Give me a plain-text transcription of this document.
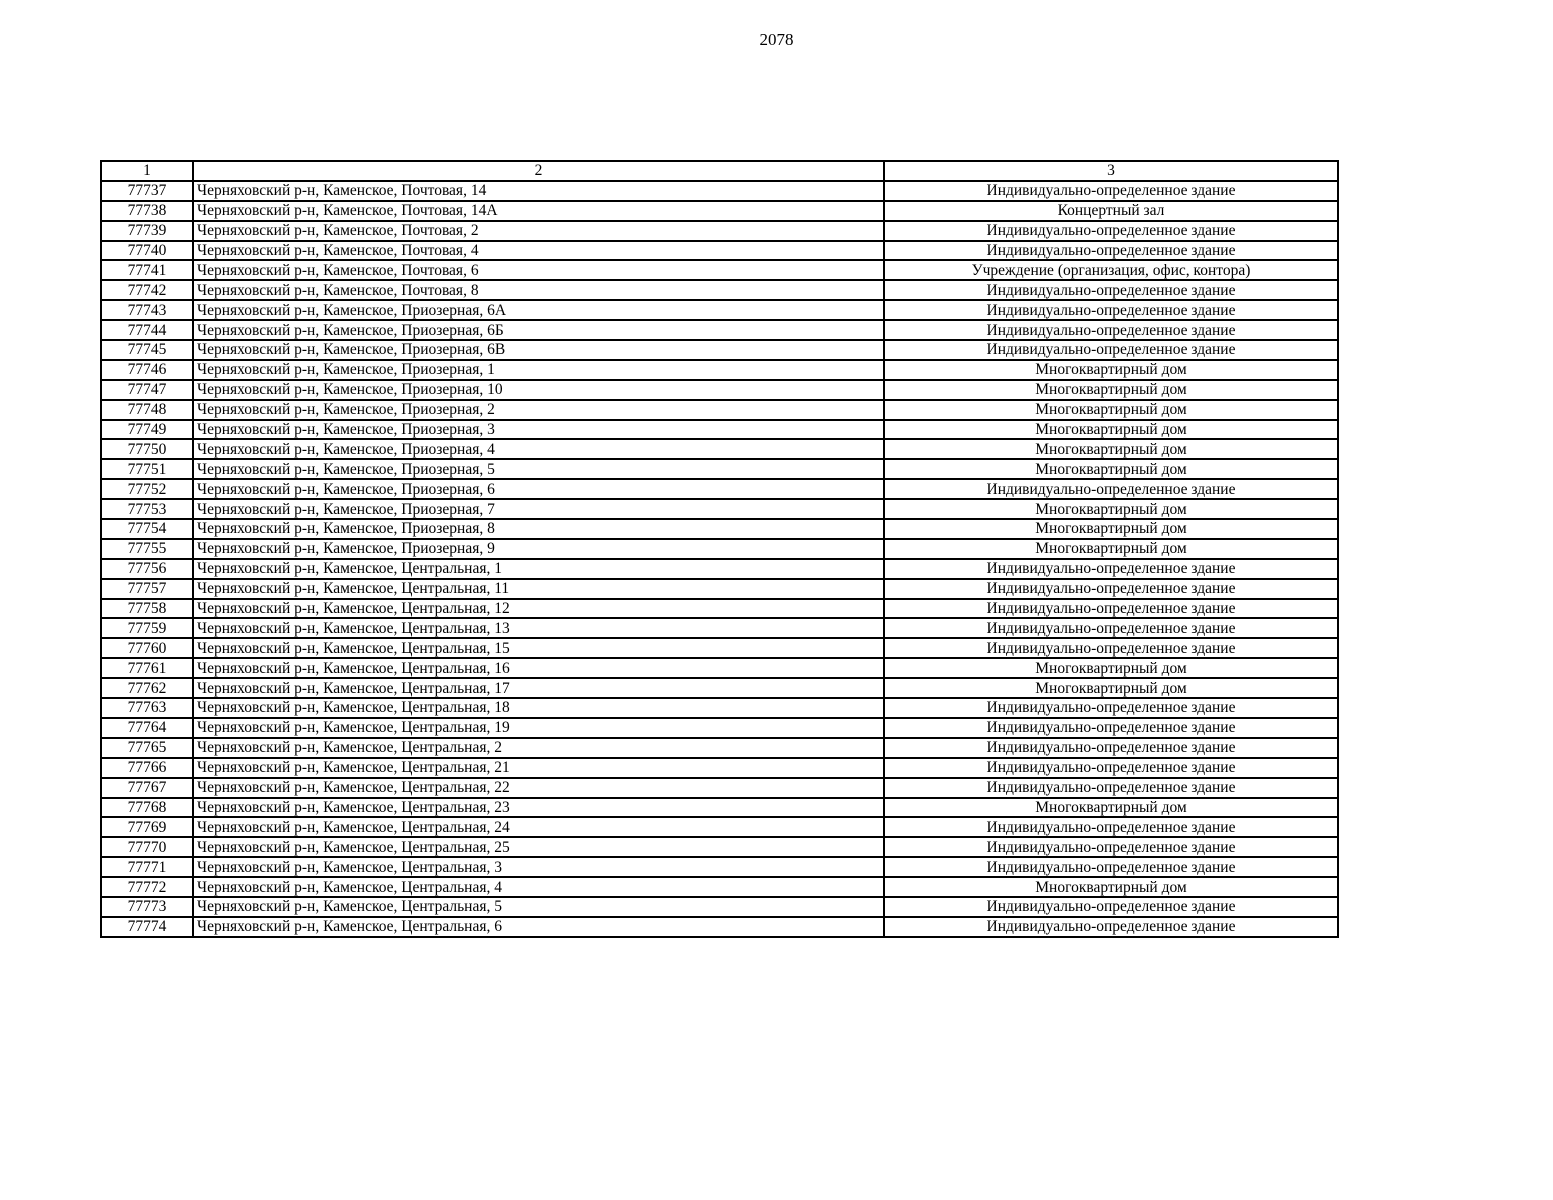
2078
1	2	3
77737	Черняховский р-н, Каменское, Почтовая, 14	Индивидуально-определенное здание
77738	Черняховский р-н, Каменское, Почтовая, 14А	Концертный зал
77739	Черняховский р-н, Каменское, Почтовая, 2	Индивидуально-определенное здание
77740	Черняховский р-н, Каменское, Почтовая, 4	Индивидуально-определенное здание
77741	Черняховский р-н, Каменское, Почтовая, 6	Учреждение (организация, офис, контора)
77742	Черняховский р-н, Каменское, Почтовая, 8	Индивидуально-определенное здание
77743	Черняховский р-н, Каменское, Приозерная, 6А	Индивидуально-определенное здание
77744	Черняховский р-н, Каменское, Приозерная, 6Б	Индивидуально-определенное здание
77745	Черняховский р-н, Каменское, Приозерная, 6В	Индивидуально-определенное здание
77746	Черняховский р-н, Каменское, Приозерная, 1	Многоквартирный дом
77747	Черняховский р-н, Каменское, Приозерная, 10	Многоквартирный дом
77748	Черняховский р-н, Каменское, Приозерная, 2	Многоквартирный дом
77749	Черняховский р-н, Каменское, Приозерная, 3	Многоквартирный дом
77750	Черняховский р-н, Каменское, Приозерная, 4	Многоквартирный дом
77751	Черняховский р-н, Каменское, Приозерная, 5	Многоквартирный дом
77752	Черняховский р-н, Каменское, Приозерная, 6	Индивидуально-определенное здание
77753	Черняховский р-н, Каменское, Приозерная, 7	Многоквартирный дом
77754	Черняховский р-н, Каменское, Приозерная, 8	Многоквартирный дом
77755	Черняховский р-н, Каменское, Приозерная, 9	Многоквартирный дом
77756	Черняховский р-н, Каменское, Центральная, 1	Индивидуально-определенное здание
77757	Черняховский р-н, Каменское, Центральная, 11	Индивидуально-определенное здание
77758	Черняховский р-н, Каменское, Центральная, 12	Индивидуально-определенное здание
77759	Черняховский р-н, Каменское, Центральная, 13	Индивидуально-определенное здание
77760	Черняховский р-н, Каменское, Центральная, 15	Индивидуально-определенное здание
77761	Черняховский р-н, Каменское, Центральная, 16	Многоквартирный дом
77762	Черняховский р-н, Каменское, Центральная, 17	Многоквартирный дом
77763	Черняховский р-н, Каменское, Центральная, 18	Индивидуально-определенное здание
77764	Черняховский р-н, Каменское, Центральная, 19	Индивидуально-определенное здание
77765	Черняховский р-н, Каменское, Центральная, 2	Индивидуально-определенное здание
77766	Черняховский р-н, Каменское, Центральная, 21	Индивидуально-определенное здание
77767	Черняховский р-н, Каменское, Центральная, 22	Индивидуально-определенное здание
77768	Черняховский р-н, Каменское, Центральная, 23	Многоквартирный дом
77769	Черняховский р-н, Каменское, Центральная, 24	Индивидуально-определенное здание
77770	Черняховский р-н, Каменское, Центральная, 25	Индивидуально-определенное здание
77771	Черняховский р-н, Каменское, Центральная, 3	Индивидуально-определенное здание
77772	Черняховский р-н, Каменское, Центральная, 4	Многоквартирный дом
77773	Черняховский р-н, Каменское, Центральная, 5	Индивидуально-определенное здание
77774	Черняховский р-н, Каменское, Центральная, 6	Индивидуально-определенное здание
